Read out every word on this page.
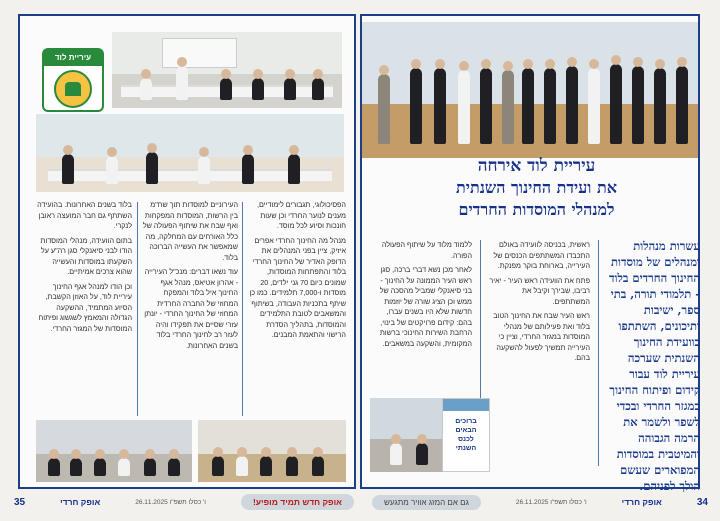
עיריית לוד

הפסיכולוגי, תגבורים לימודיים, מענים לנוער החרדי וכן שעות חונכות וסיוע לכל מוסד.

מנהל מה החינוך החרדי אפרים איזיק, ציין בפני המנהלים את הדופק האדיר של החינוך החרדי בלוד והתפתחות המוסדות, שמונים כיום 70 גני ילדים, 20 מוסדות ו-7,000 תלמידים. כמו כן שיתף בתכניות העבודה, בשיתוף והמשאבים לטובת התלמידים והמוסדות, בתהליך הסדרת הרישוי והתאמת המבנים.

העירוניים למוסדות תוך שח"מ בין הרשות, המוסדות המפקחות ואף שבח את שיתוף הפעולה של כלל האורחים עם המחלקה, מה שמאפשר את העשייה הברוכה בלוד.

עוד נשאו דברים: מנכ"ל העירייה - אהרון אטיאס, מנהל אגף החינוך איל בלוד והמפקח המחוזי של החברה החרדית המחוזי של החינוך החרדי - יונתן עזרי שסיים את תפקידו והיה לעזר רב לחינוך החרדי בלוד בשנים האחרונות.

בלוד בשנים האחרונות. בהועידה השתתף גם חבר המועצה ראובן לנקרי.

בתום הוועידה, מנהלי המוסדות הודו לבני סיאנקלי סגן רה"ע על השקעתו במוסדות והעשייה שהוא צרכים אמיתיים.

וכן הודו למנהל אגף החינוך עיריית לוד, על האוזן הקשבת, הסיוע המתמיד, ההשקעה הגדולה והמאמץ לשגשוג ופיתוח המוסדות של המגזר החרדי.

עיריית לוד אירחה
את ועידת החינוך השנתית
למנהלי המוסדות החרדים
עשרות מנהלות ומנהלים של מוסדות החינוך החרדים בלוד - תלמודי תורה, בתי ספר, ישיבות ותיכונים, השתתפו בוועידת החינוך השנתית שערכה עיריית לוד עבור קידום ופיתוח החינוך במגזר החרדי ובכדי לשפר ולשמר את הרמה הגבוהה והמיטבית במוסדות המפוארים שעשם הולך לפניהם.

ראשית, בכניסה לוועידה באולם התכבדו המשתתפים הכנסים של העירייה, בארוחת בוקר מפנקת.

פתח את הוועידה ראש העיר - יאיר רביבו, שבירך וקיבל את המשתתפים.

ראש העיר שבח את החינוך הטוב בלוד ואת פעילותם של מנהלי המוסדות במגזר החרדי, וציין כי העירייה תמשיך לפעול להשקעה בהם.

ללמוד מלוד על שיתוף הפעולה הפורה.

לאחר מכן נשא דברי ברכה, סגן ראש העיר הממונה על החינוך - בני סיאנקלי שמביל מהסכה של ממש וכן הציג שורה של יוזמות חדשות שלא היו בשנים עברו, בהם: קידום פרויקטים של בינוי, הרחבת השירות החינוכי ברשות המקומית, והשקעה במשאבים.

ברוכים הבאים לכנס השנתי
35	אופק חרדי	ו' כסלו תשפ"ו 26.11.2025	אופק חדש תמיד מופיע!	גם אם המזג אוויר מתגעש	ו' כסלו תשפ"ו 26.11.2025	אופק חרדי	34
